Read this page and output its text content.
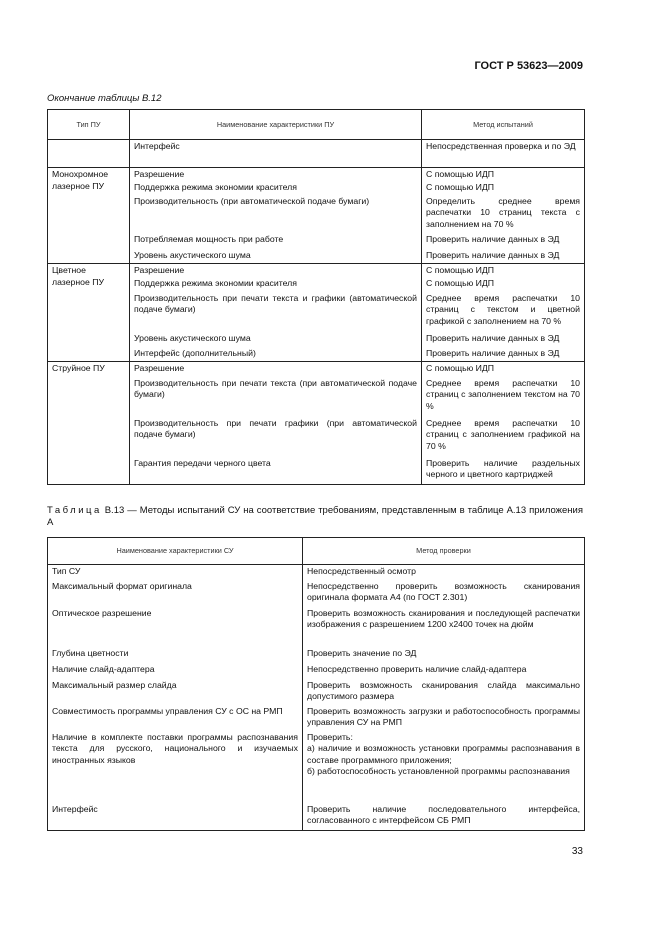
ГОСТ Р 53623—2009
Окончание таблицы В.12
Тип ПУ	Наименование характеристики ПУ	Метод испытаний

	Интерфейс	Непосредственная проверка и по ЭД

Монохромное лазерное ПУ	Разрешение	С помощью ИДП

	Поддержка режима экономии красителя	С помощью ИДП

	Производительность (при автоматической подаче бумаги)	Определить среднее время распечатки 10 страниц текста с заполнением на 70 %

	Потребляемая мощность при работе	Проверить наличие данных в ЭД

	Уровень акустического шума	Проверить наличие данных в ЭД

Цветное лазерное ПУ	Разрешение	С помощью ИДП

	Поддержка режима экономии красителя	С помощью ИДП

	Производительность при печати текста и графики (автоматической подаче бумаги)	Среднее время распечатки 10 страниц с текстом и цветной графикой с заполнением на 70 %

	Уровень акустического шума	Проверить наличие данных в ЭД

	Интерфейс (дополнительный)	Проверить наличие данных в ЭД

Струйное ПУ	Разрешение	С помощью ИДП

	Производительность при печати текста (при автоматической подаче бумаги)	Среднее время распечатки 10 страниц с заполнением текстом на 70 %

	Производительность при печати графики (при автоматической подаче бумаги)	Среднее время распечатки 10 страниц с заполнением графикой на 70 %

	Гарантия передачи черного цвета	Проверить наличие раздельных черного и цветного картриджей
Таблица В.13 — Методы испытаний СУ на соответствие требованиям, представленным в таблице А.13 приложения А
Наименование характеристики СУ	Метод проверки
Тип СУ	Непосредственный осмотр
Максимальный формат оригинала	Непосредственно проверить возможность сканирования оригинала формата А4 (по ГОСТ 2.301)
Оптическое разрешение	Проверить возможность сканирования и последующей распечатки изображения с разрешением 1200 х2400 точек на дюйм
Глубина цветности	Проверить значение по ЭД
Наличие слайд-адаптера	Непосредственно проверить наличие слайд-адаптера
Максимальный размер слайда	Проверить возможность сканирования слайда максимально допустимого размера
Совместимость программы управления СУ с ОС на РМП	Проверить возможность загрузки и работоспособность программы управления СУ на РМП
Наличие в комплекте поставки программы распознавания текста для русского, национального и изучаемых иностранных языков	Проверить:
а) наличие и возможность установки программы распознавания в составе программного приложения;
б) работоспособность установленной программы распознавания
Интерфейс	Проверить наличие последовательного интерфейса, согласованного с интерфейсом СБ РМП
33
